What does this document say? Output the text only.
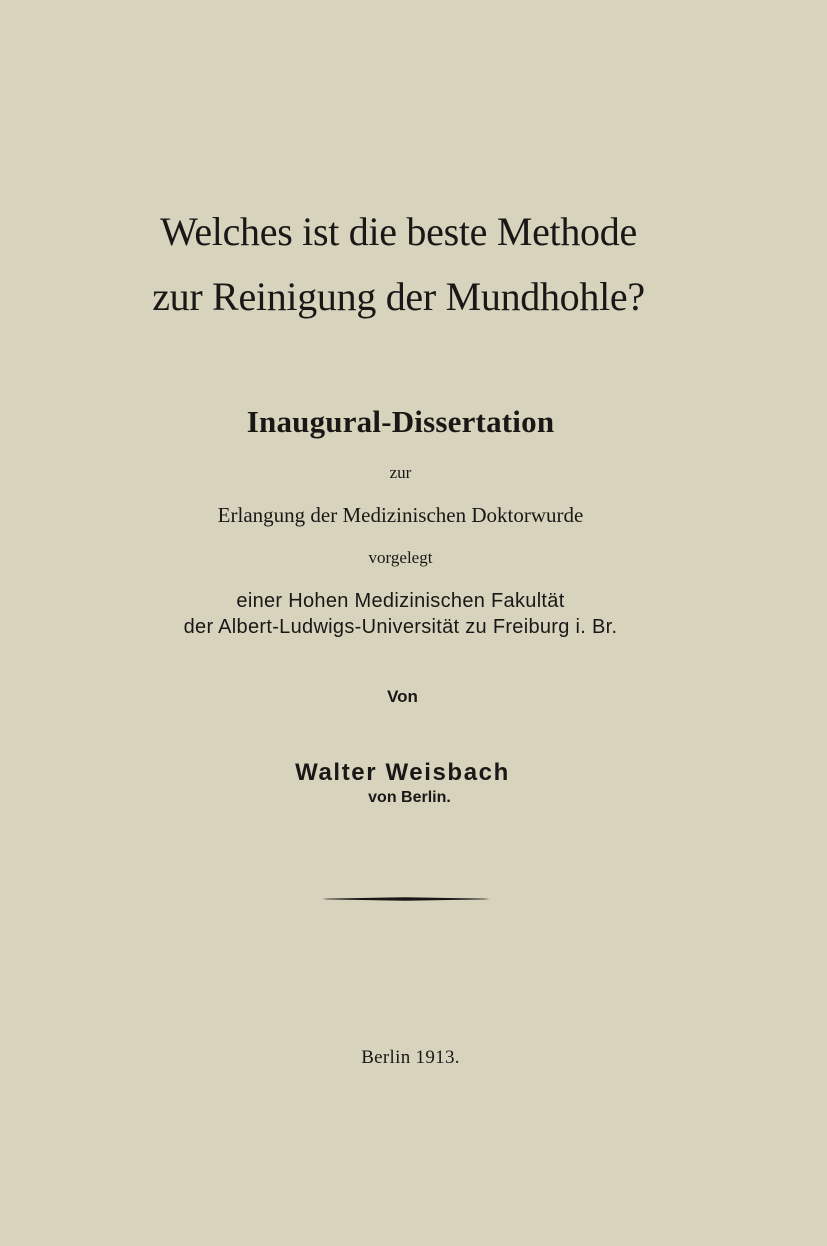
Welches ist die beste Methode
zur Reinigung der Mundhohle?
Inaugural-Dissertation
zur
Erlangung der Medizinischen Doktorwurde
vorgelegt
einer Hohen Medizinischen Fakultät
der Albert-Ludwigs-Universität zu Freiburg i. Br.
Von
Walter Weisbach
von Berlin.
Berlin 1913.
